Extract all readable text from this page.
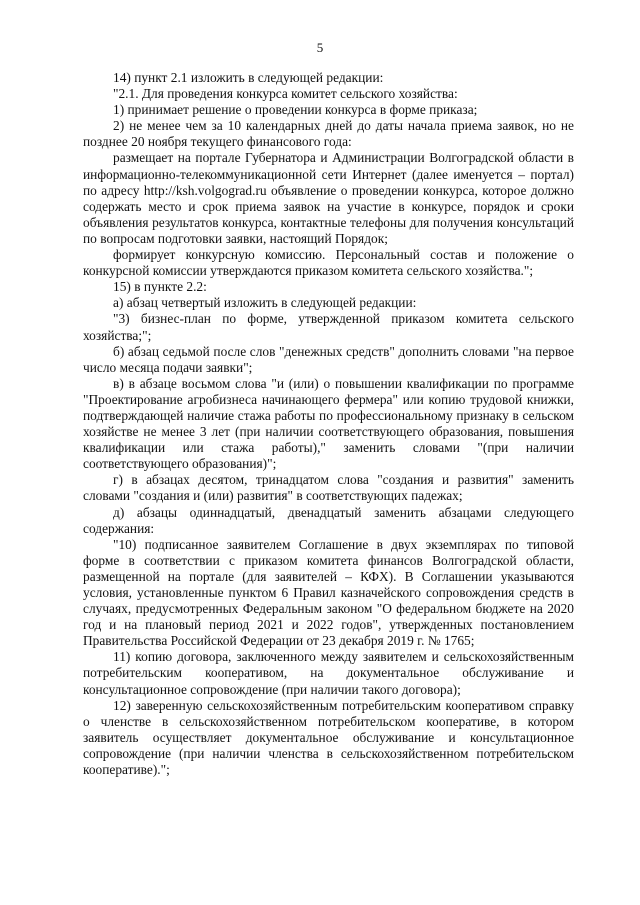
5

14) пункт 2.1 изложить в следующей редакции:

"2.1. Для проведения конкурса комитет сельского хозяйства:

1) принимает решение о проведении конкурса в форме приказа;

2) не менее чем за 10 календарных дней до даты начала приема заявок, но не позднее 20 ноября текущего финансового года:

размещает на портале Губернатора и Администрации Волгоградской области в информационно-телекоммуникационной сети Интернет (далее именуется – портал) по адресу http://ksh.volgograd.ru объявление о проведении конкурса, которое должно содержать место и срок приема заявок на участие в конкурсе, порядок и сроки объявления результатов конкурса, контактные телефоны для получения консультаций по вопросам подготовки заявки, настоящий Порядок;

формирует конкурсную комиссию. Персональный состав и положение о конкурсной комиссии утверждаются приказом комитета сельского хозяйства.";

15) в пункте 2.2:

а) абзац четвертый изложить в следующей редакции:

"3) бизнес-план по форме, утвержденной приказом комитета сельского хозяйства;";

б) абзац седьмой после слов "денежных средств" дополнить словами "на первое число месяца подачи заявки";

в) в абзаце восьмом слова "и (или) о повышении квалификации по программе "Проектирование агробизнеса начинающего фермера" или копию трудовой книжки, подтверждающей наличие стажа работы по профессиональному признаку в сельском хозяйстве не менее 3 лет (при наличии соответствующего образования, повышения квалификации или стажа работы)," заменить словами "(при наличии соответствующего образования)";

г) в абзацах десятом, тринадцатом слова "создания и развития" заменить словами "создания и (или) развития" в соответствующих падежах;

д) абзацы одиннадцатый, двенадцатый заменить абзацами следующего содержания:

"10) подписанное заявителем Соглашение в двух экземплярах по типовой форме в соответствии с приказом комитета финансов Волгоградской области, размещенной на портале (для заявителей – КФХ). В Соглашении указываются условия, установленные пунктом 6 Правил казначейского сопровождения средств в случаях, предусмотренных Федеральным законом "О федеральном бюджете на 2020 год и на плановый период 2021 и 2022 годов", утвержденных постановлением Правительства Российской Федерации от 23 декабря 2019 г. № 1765;

11) копию договора, заключенного между заявителем и сельскохозяйственным потребительским кооперативом, на документальное обслуживание и консультационное сопровождение (при наличии такого договора);

12) заверенную сельскохозяйственным потребительским кооперативом справку о членстве в сельскохозяйственном потребительском кооперативе, в котором заявитель осуществляет документальное обслуживание и консультационное сопровождение (при наличии членства в сельскохозяйственном потребительском кооперативе).";
